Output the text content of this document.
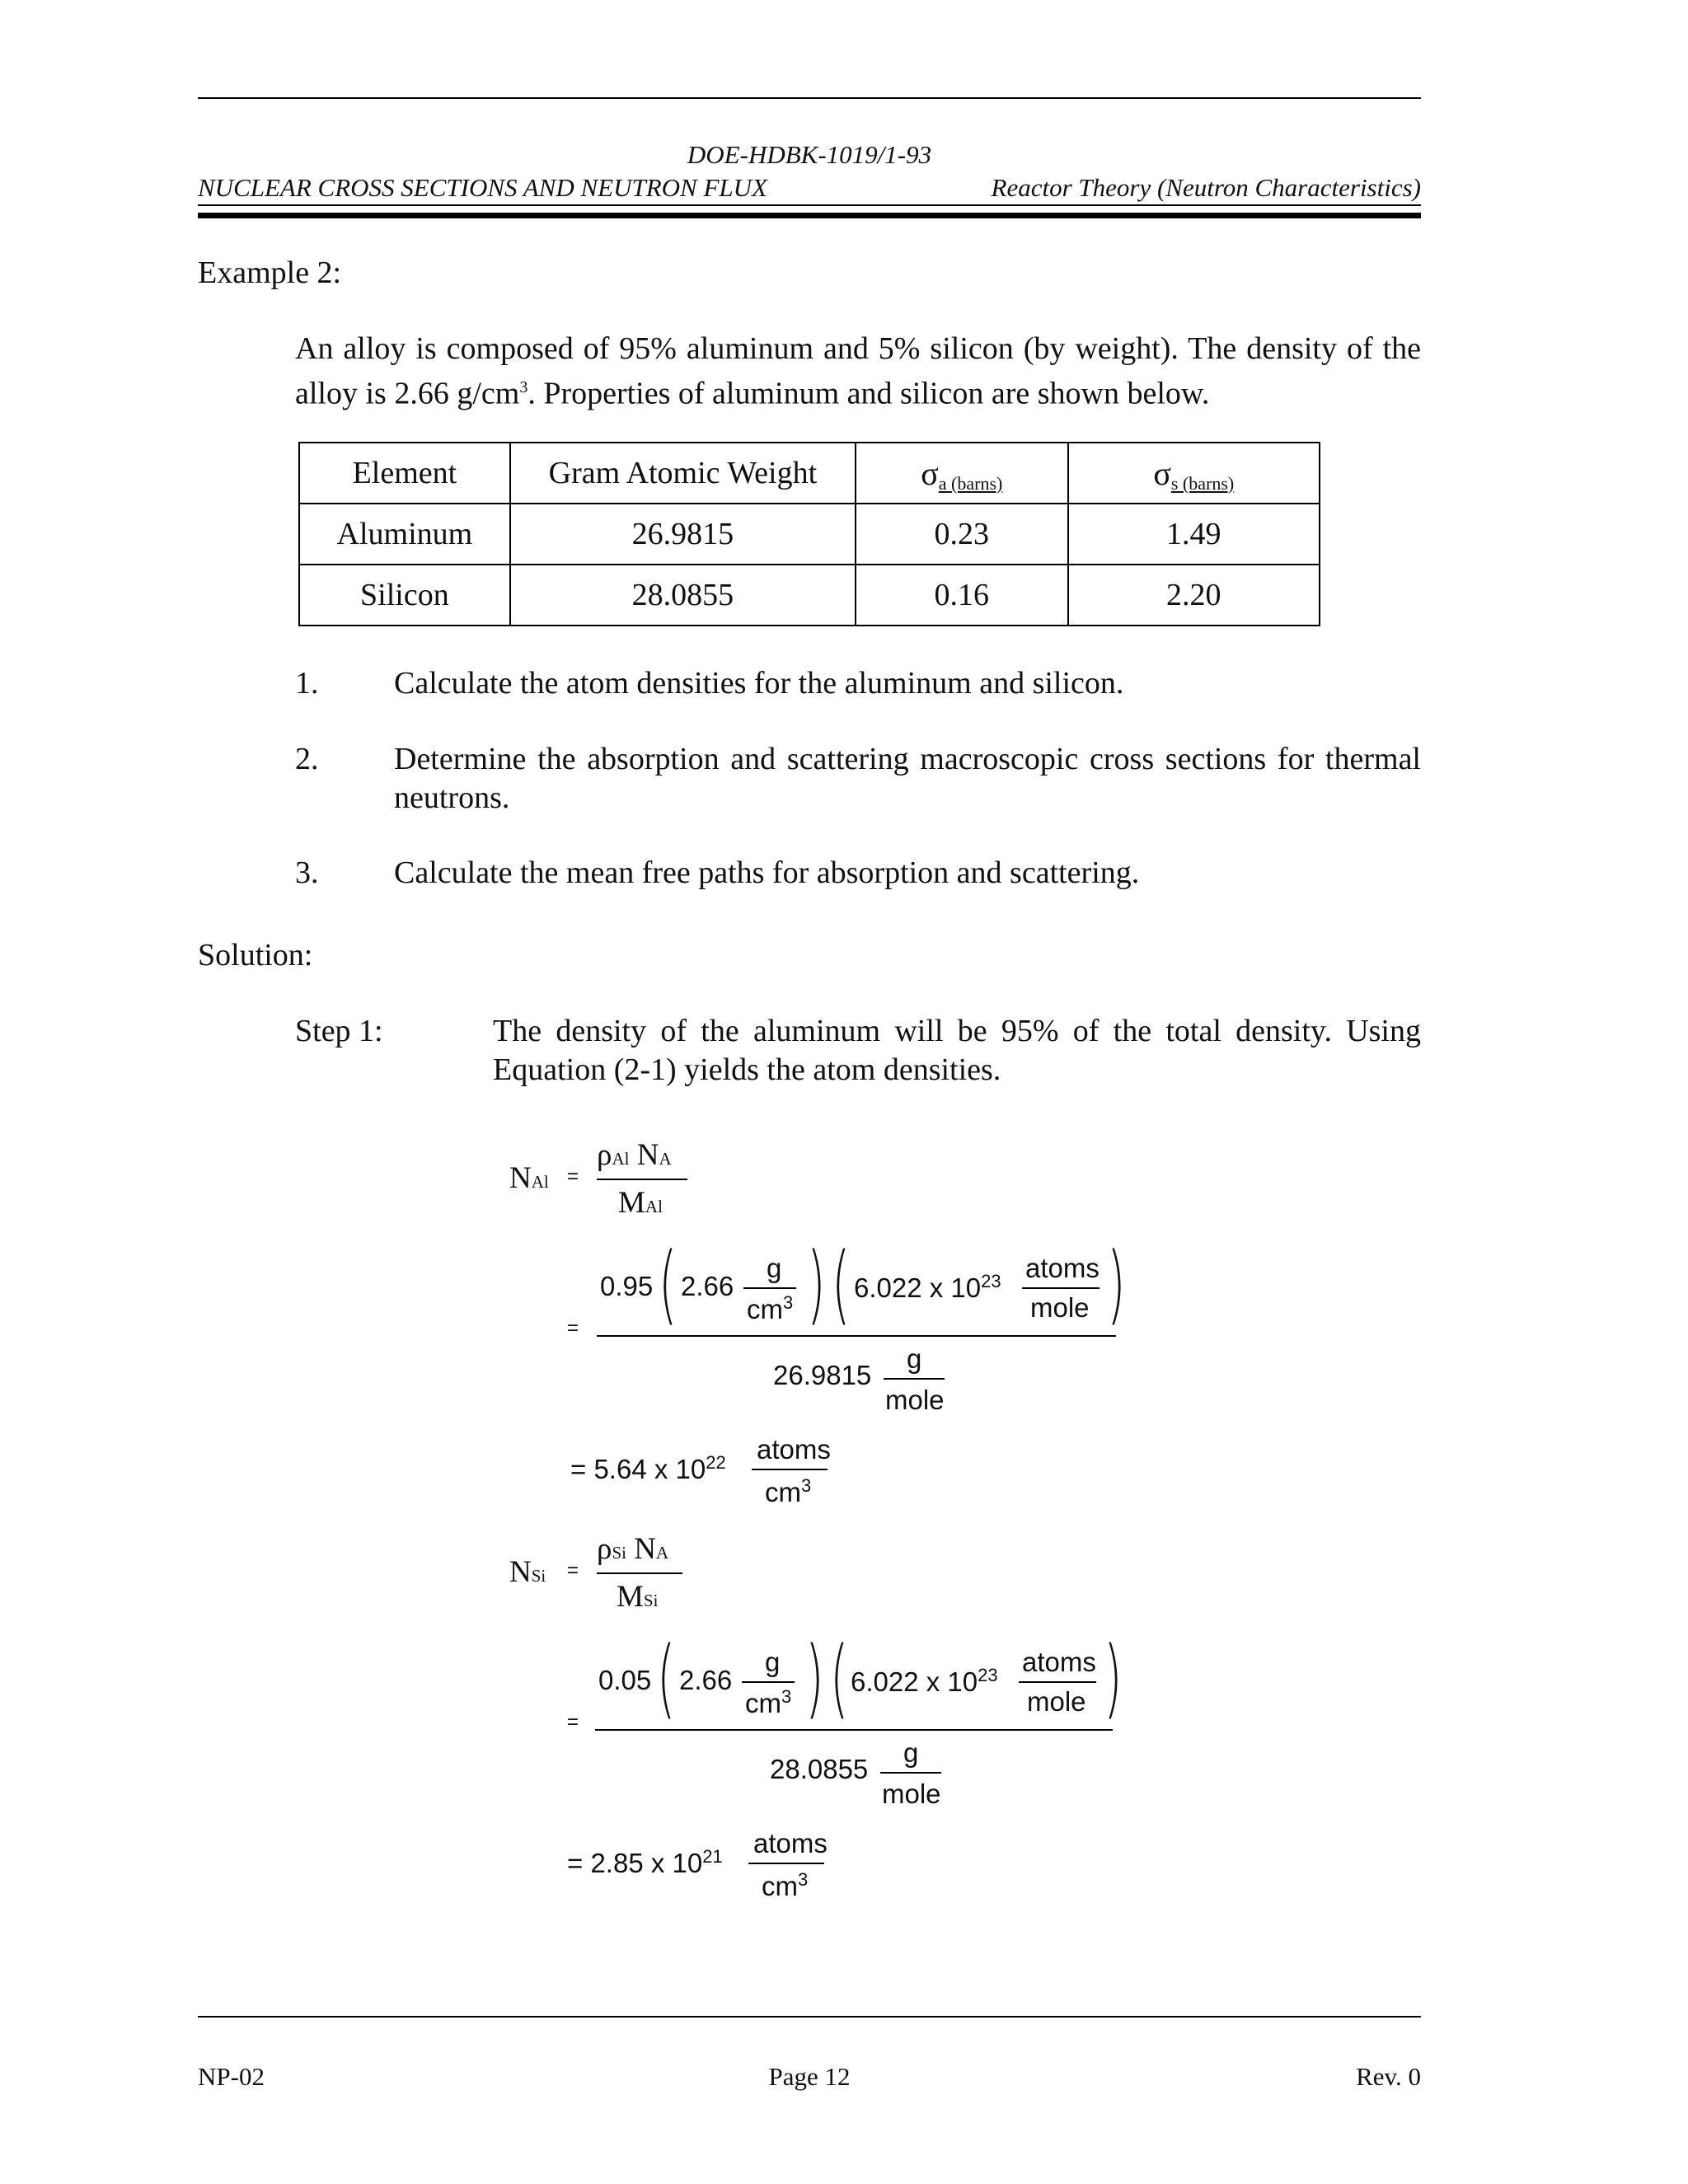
DOE-HDBK-1019/1-93
NUCLEAR CROSS SECTIONS AND NEUTRON FLUX	Reactor Theory (Neutron Characteristics)
Example 2:
An alloy is composed of 95% aluminum and 5% silicon (by weight). The density of the
alloy is 2.66 $g/cm^3$. Properties of aluminum and silicon are shown below.
Element	Gram Atomic Weight	σa (barns)	σs (barns)
Aluminum	26.9815	0.23	1.49
Silicon	28.0855	0.16	2.20
1. Calculate the atom densities for the aluminum and silicon.
2. Determine the absorption and scattering macroscopic cross sections for thermal neutrons.
3. Calculate the mean free paths for absorption and scattering.
Solution:
Step 1:	The density of the aluminum will be 95% of the total density. Using Equation (2-1) yields the atom densities.
NAl =
ρAl NA
MAl
=
0.95 ( 2.66
g
$cm^3$ ) ( 6.022 x $10^{23}$ atoms
mole )
26.9815
g
mole
= 5.64 x $10^{22}$ atoms
$cm^3$
NSi =
ρSi NA
MSi
=
0.05 ( 2.66
g
$cm^3$ ) ( 6.022 x $10^{23}$ atoms
mole )
28.0855
g
mole
= 2.85 x $10^{21}$ atoms
$cm^3$
NP-02	Page 12	Rev. 0
